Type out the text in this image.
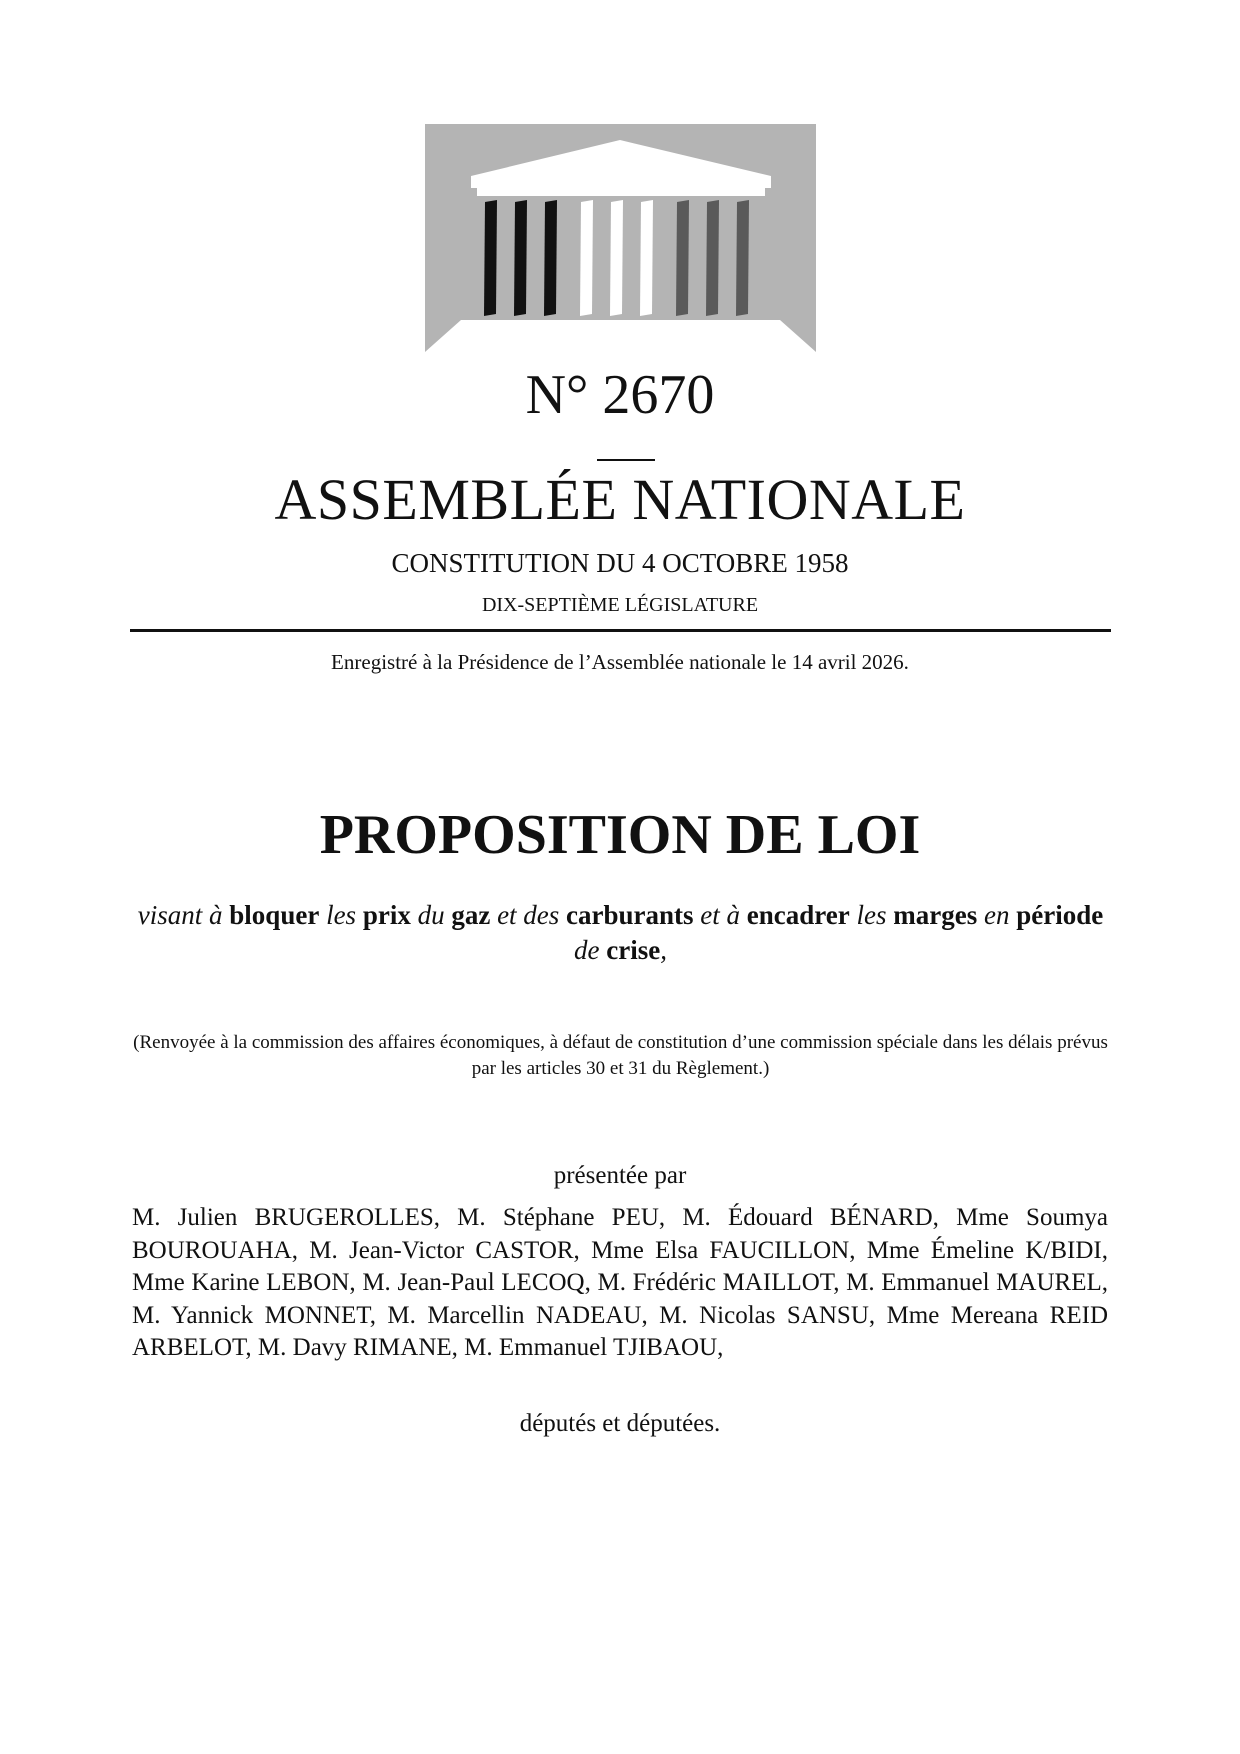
N° 2670
ASSEMBLÉE NATIONALE
CONSTITUTION DU 4 OCTOBRE 1958
DIX-SEPTIÈME LÉGISLATURE
Enregistré à la Présidence de l’Assemblée nationale le 14 avril 2026.
PROPOSITION DE LOI
visant à bloquer les prix du gaz et des carburants et à encadrer les marges en période de crise,
(Renvoyée à la commission des affaires économiques, à défaut de constitution d’une commission spéciale dans les délais prévus par les articles 30 et 31 du Règlement.)
présentée par
M. Julien BRUGEROLLES, M. Stéphane PEU, M. Édouard BÉNARD, Mme Soumya BOUROUAHA, M. Jean-Victor CASTOR, Mme Elsa FAUCILLON, Mme Émeline K/BIDI, Mme Karine LEBON, M. Jean-Paul LECOQ, M. Frédéric MAILLOT, M. Emmanuel MAUREL, M. Yannick MONNET, M. Marcellin NADEAU, M. Nicolas SANSU, Mme Mereana REID ARBELOT, M. Davy RIMANE, M. Emmanuel TJIBAOU,
députés et députées.
